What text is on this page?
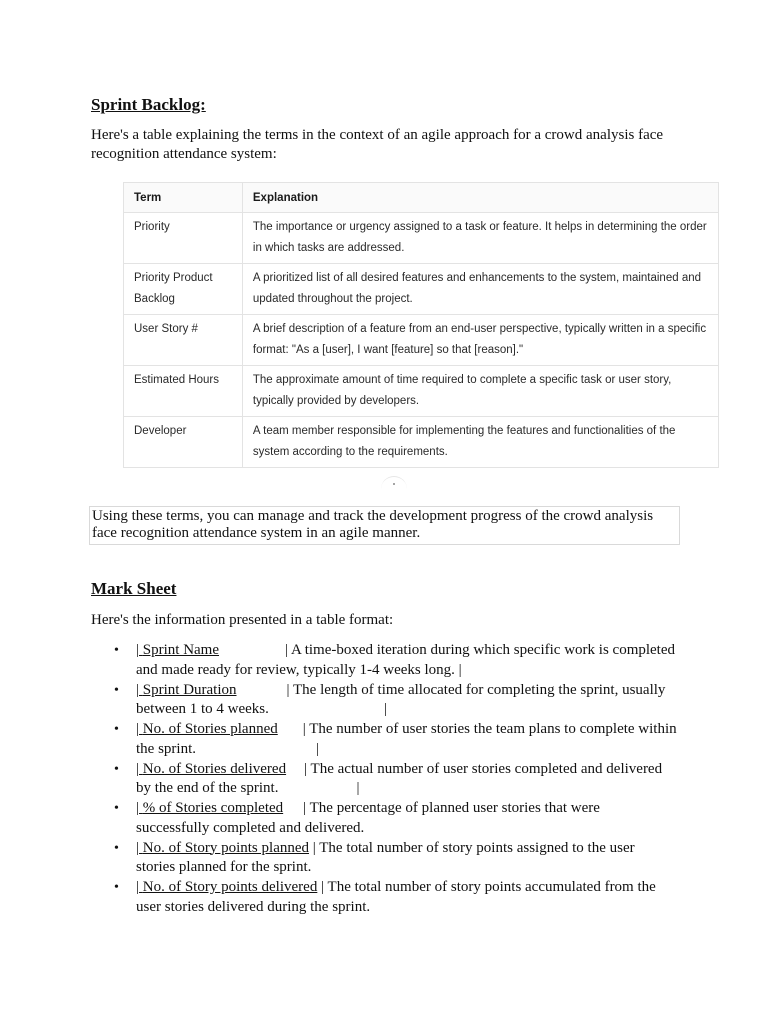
Sprint Backlog:

Here's a table explaining the terms in the context of an agile approach for a crowd analysis face
recognition attendance system:

Term	Explanation
Priority	The importance or urgency assigned to a task or feature. It helps in determining the order in which tasks are addressed.
Priority Product Backlog	A prioritized list of all desired features and enhancements to the system, maintained and updated throughout the project.
User Story #	A brief description of a feature from an end-user perspective, typically written in a specific format: "As a [user], I want [feature] so that [reason]."
Estimated Hours	The approximate amount of time required to complete a specific task or user story, typically provided by developers.
Developer	A team member responsible for implementing the features and functionalities of the system according to the requirements.

Using these terms, you can manage and track the development progress of the crowd analysis
face recognition attendance system in an agile manner.

Mark Sheet

Here's the information presented in a table format:

• | Sprint Name	| A time-boxed iteration during which specific work is completed
and made ready for review, typically 1-4 weeks long. |
• | Sprint Duration	| The length of time allocated for completing the sprint, usually
between 1 to 4 weeks.	|
• | No. of Stories planned | The number of user stories the team plans to complete within
the sprint.	|
• | No. of Stories delivered | The actual number of user stories completed and delivered
by the end of the sprint.	|
• | % of Stories completed | The percentage of planned user stories that were
successfully completed and delivered.
• | No. of Story points planned | The total number of story points assigned to the user
stories planned for the sprint.
• | No. of Story points delivered | The total number of story points accumulated from the
user stories delivered during the sprint.
